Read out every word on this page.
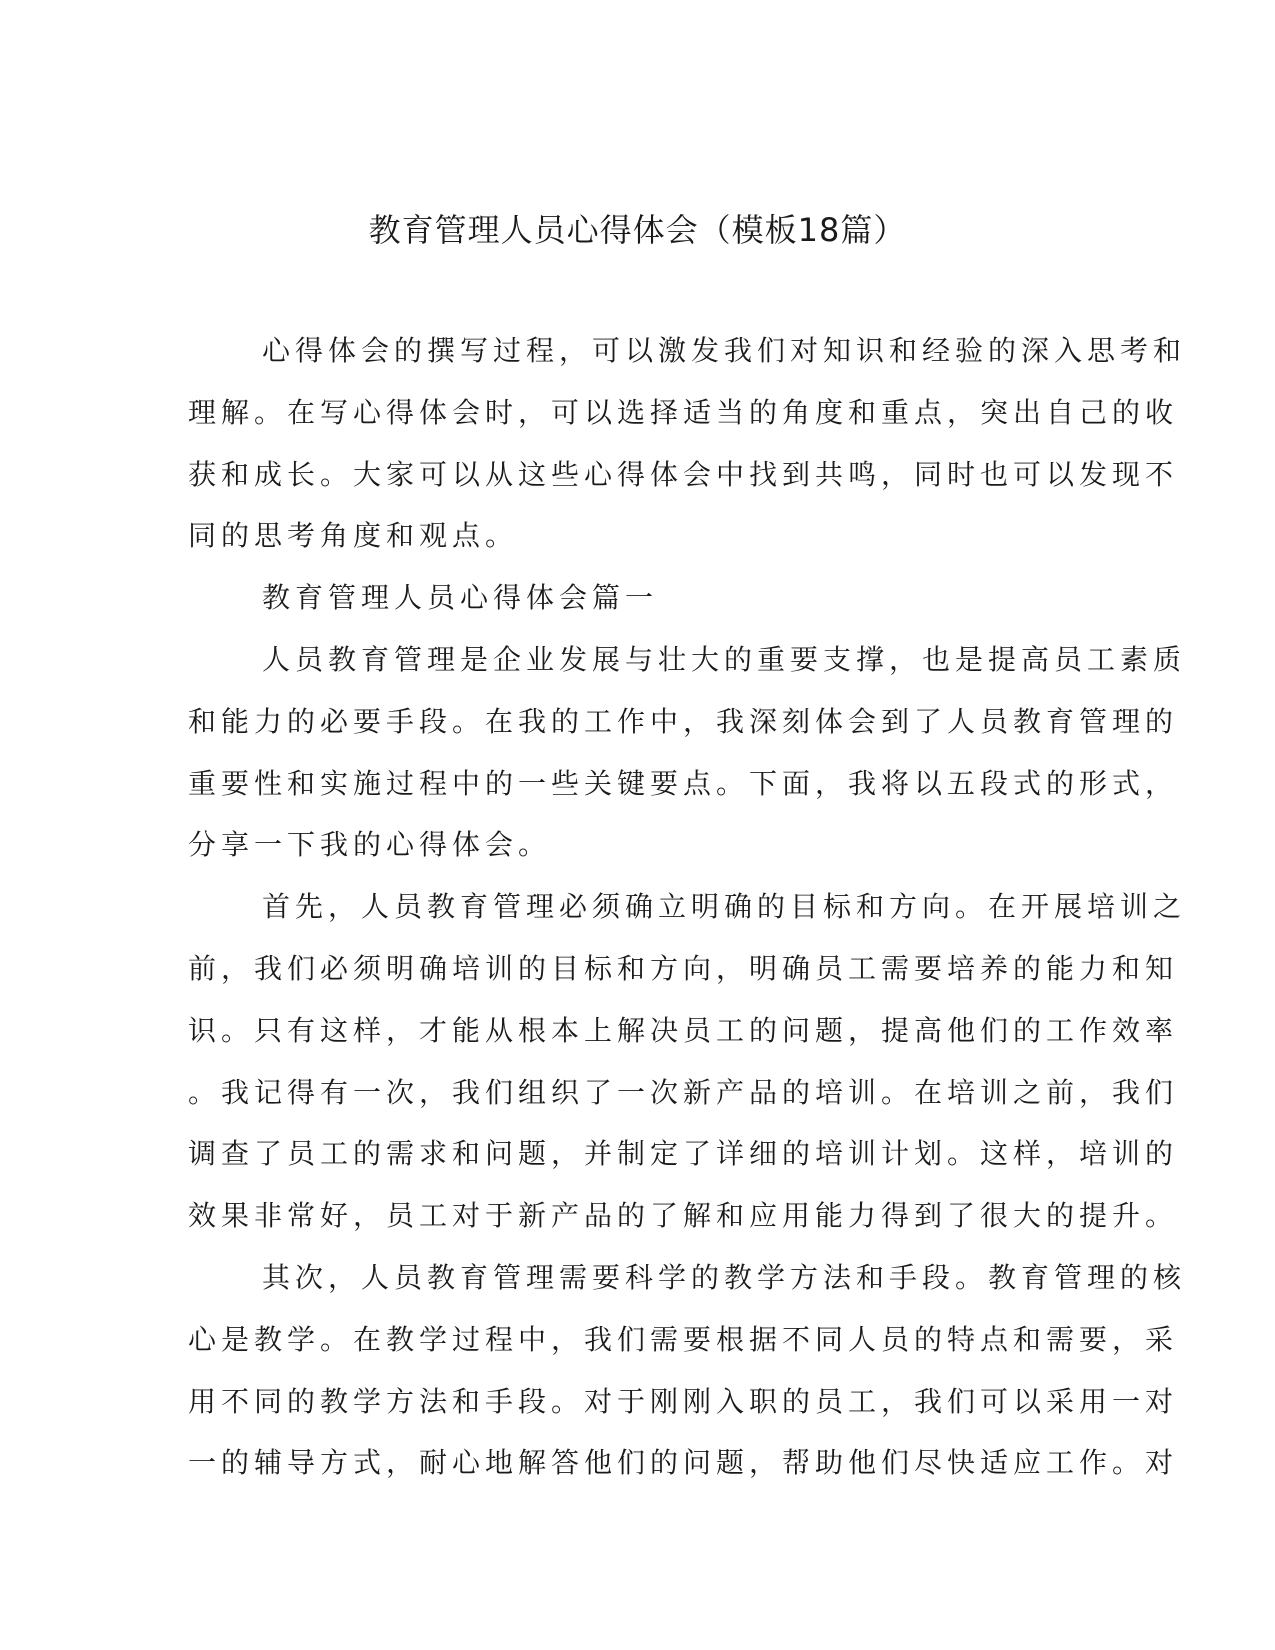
教育管理人员心得体会（模板18篇）
心得体会的撰写过程，可以激发我们对知识和经验的深入思考和
理解。在写心得体会时，可以选择适当的角度和重点，突出自己的收
获和成长。大家可以从这些心得体会中找到共鸣，同时也可以发现不
同的思考角度和观点。
教育管理人员心得体会篇一
人员教育管理是企业发展与壮大的重要支撑，也是提高员工素质
和能力的必要手段。在我的工作中，我深刻体会到了人员教育管理的
重要性和实施过程中的一些关键要点。下面，我将以五段式的形式，
分享一下我的心得体会。
首先，人员教育管理必须确立明确的目标和方向。在开展培训之
前，我们必须明确培训的目标和方向，明确员工需要培养的能力和知
识。只有这样，才能从根本上解决员工的问题，提高他们的工作效率
。我记得有一次，我们组织了一次新产品的培训。在培训之前，我们
调查了员工的需求和问题，并制定了详细的培训计划。这样，培训的
效果非常好，员工对于新产品的了解和应用能力得到了很大的提升。
其次，人员教育管理需要科学的教学方法和手段。教育管理的核
心是教学。在教学过程中，我们需要根据不同人员的特点和需要，采
用不同的教学方法和手段。对于刚刚入职的员工，我们可以采用一对
一的辅导方式，耐心地解答他们的问题，帮助他们尽快适应工作。对
